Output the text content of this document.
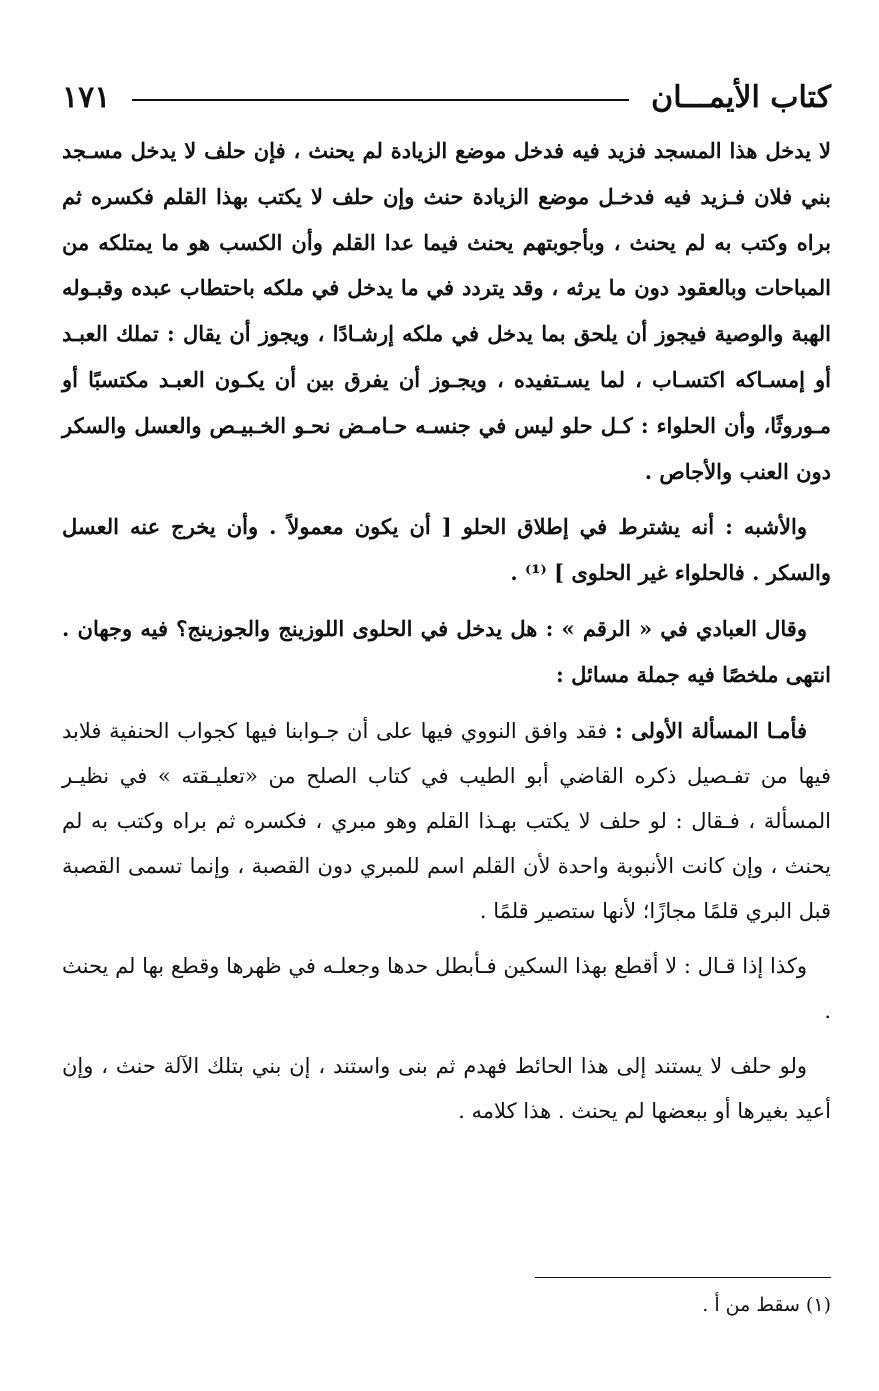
كتاب الأيمـــان
١٧١

لا يدخل هذا المسجد فزيد فيه فدخل موضع الزيادة لم يحنث ، فإن حلف لا يدخل مسـجد بني فلان فـزيد فيه فدخـل موضع الزيادة حنث وإن حلف لا يكتب بهذا القلم فكسره ثم براه وكتب به لم يحنث ، وبأجوبتهم يحنث فيما عدا القلم وأن الكسب هو ما يمتلكه من المباحات وبالعقود دون ما يرثه ، وقد يتردد في ما يدخل في ملكه باحتطاب عبده وقبـوله الهبة والوصية فيجوز أن يلحق بما يدخل في ملكه إرشـادًا ، ويجوز أن يقال : تملك العبـد أو إمسـاكه اكتسـاب ، لما يسـتفيده ، ويجـوز أن يفرق بين أن يكـون العبـد مكتسبًا أو مـوروثًا، وأن الحلواء : كـل حلو ليس في جنسـه حـامـض نحـو الخـبيـص والعسل والسكر دون العنب والأجاص .

والأشبه : أنه يشترط في إطلاق الحلو [ أن يكون معمولاً . وأن يخرج عنه العسل والسكر . فالحلواء غير الحلوى ] ⁽¹⁾ .

وقال العبادي في « الرقم » : هل يدخل في الحلوى اللوزينج والجوزينج؟ فيه وجهان . انتهى ملخصًا فيه جملة مسائل :

فأمـا المسألة الأولى : فقد وافق النووي فيها على أن جـوابنا فيها كجواب الحنفية فلابد فيها من تفـصيل ذكره القاضي أبو الطيب في كتاب الصلح من «تعليـقته » في نظيـر المسألة ، فـقال : لو حلف لا يكتب بهـذا القلم وهو مبري ، فكسره ثم براه وكتب به لم يحنث ، وإن كانت الأنبوبة واحدة لأن القلم اسم للمبري دون القصبة ، وإنما تسمى القصبة قبل البري قلمًا مجازًا؛ لأنها ستصير قلمًا .

وكذا إذا قـال : لا أقطع بهذا السكين فـأبطل حدها وجعلـه في ظهرها وقطع بها لم يحنث .

ولو حلف لا يستند إلى هذا الحائط فهدم ثم بنى واستند ، إن بني بتلك الآلة حنث ، وإن أعيد بغيرها أو ببعضها لم يحنث . هذا كلامه .

(١) سقط من أ .
